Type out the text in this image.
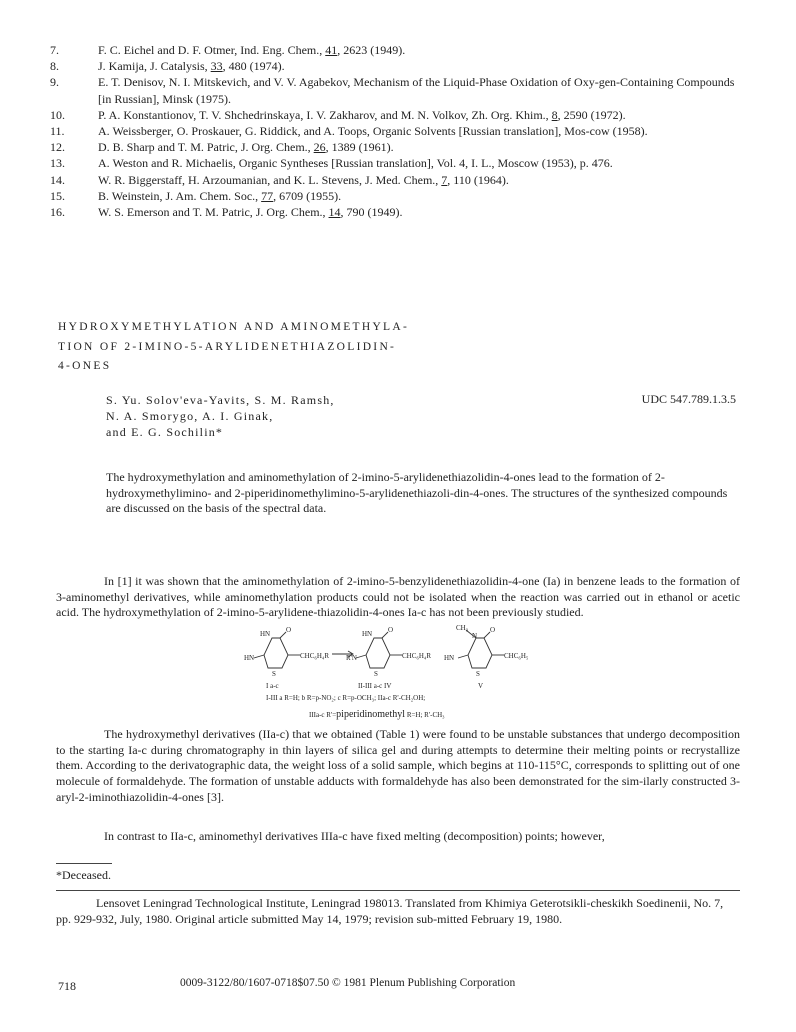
7.	F. C. Eichel and D. F. Otmer, Ind. Eng. Chem., 41, 2623 (1949).
8.	J. Kamija, J. Catalysis, 33, 480 (1974).
9.	E. T. Denisov, N. I. Mitskevich, and V. V. Agabekov, Mechanism of the Liquid-Phase Oxidation of Oxy-gen-Containing Compounds [in Russian], Minsk (1975).
10.	P. A. Konstantionov, T. V. Shchedrinskaya, I. V. Zakharov, and M. N. Volkov, Zh. Org. Khim., 8, 2590 (1972).
11.	A. Weissberger, O. Proskauer, G. Riddick, and A. Toops, Organic Solvents [Russian translation], Mos-cow (1958).
12.	D. B. Sharp and T. M. Patric, J. Org. Chem., 26, 1389 (1961).
13.	A. Weston and R. Michaelis, Organic Syntheses [Russian translation], Vol. 4, I. L., Moscow (1953), p. 476.
14.	W. R. Biggerstaff, H. Arzoumanian, and K. L. Stevens, J. Med. Chem., 7, 110 (1964).
15.	B. Weinstein, J. Am. Chem. Soc., 77, 6709 (1955).
16.	W. S. Emerson and T. M. Patric, J. Org. Chem., 14, 790 (1949).
HYDROXYMETHYLATION AND AMINOMETHYLA-
TION OF 2-IMINO-5-ARYLIDENETHIAZOLIDIN-
4-ONES
S. Yu. Solov'eva-Yavits, S. M. Ramsh,
N. A. Smorygo, A. I. Ginak,
and E. G. Sochilin*
UDC 547.789.1.3.5
The hydroxymethylation and aminomethylation of 2-imino-5-arylidenethiazolidin-4-ones lead to the formation of 2-hydroxymethylimino- and 2-piperidinomethylimino-5-arylidenethiazoli-din-4-ones. The structures of the synthesized compounds are discussed on the basis of the spectral data.
In [1] it was shown that the aminomethylation of 2-imino-5-benzylidenethiazolidin-4-one (Ia) in benzene leads to the formation of 3-aminomethyl derivatives, while aminomethylation products could not be isolated when the reaction was carried out in ethanol or acetic acid. The hydroxymethylation of 2-imino-5-arylidene-thiazolidin-4-ones Ia-c has not been previously studied.
HN O
HN
S
CHC₆H₄R
HN O
R'N
S
CHC₆H₄R
CH₃
N
O
HN
S
CHC₆H₅
I a-c	II-III a-c IV	V
I-III a R=H; b R=p-NO₂; c R=p-OCH₃; IIa-c R'-CH₂OH;
IIIa-c R'=piperidinomethyl R=H; R'-CH₃
The hydroxymethyl derivatives (IIa-c) that we obtained (Table 1) were found to be unstable substances that undergo decomposition to the starting Ia-c during chromatography in thin layers of silica gel and during attempts to determine their melting points or recrystallize them. According to the derivatographic data, the weight loss of a solid sample, which begins at 110-115°C, corresponds to splitting out of one molecule of formaldehyde. The formation of unstable adducts with formaldehyde has also been demonstrated for the sim-ilarly constructed 3-aryl-2-iminothiazolidin-4-ones [3].
In contrast to IIa-c, aminomethyl derivatives IIIa-c have fixed melting (decomposition) points; however,
*Deceased.
Lensovet Leningrad Technological Institute, Leningrad 198013. Translated from Khimiya Geterotsikli-cheskikh Soedinenii, No. 7, pp. 929-932, July, 1980. Original article submitted May 14, 1979; revision sub-mitted February 19, 1980.
718	0009-3122/80/1607-0718$07.50 © 1981 Plenum Publishing Corporation
